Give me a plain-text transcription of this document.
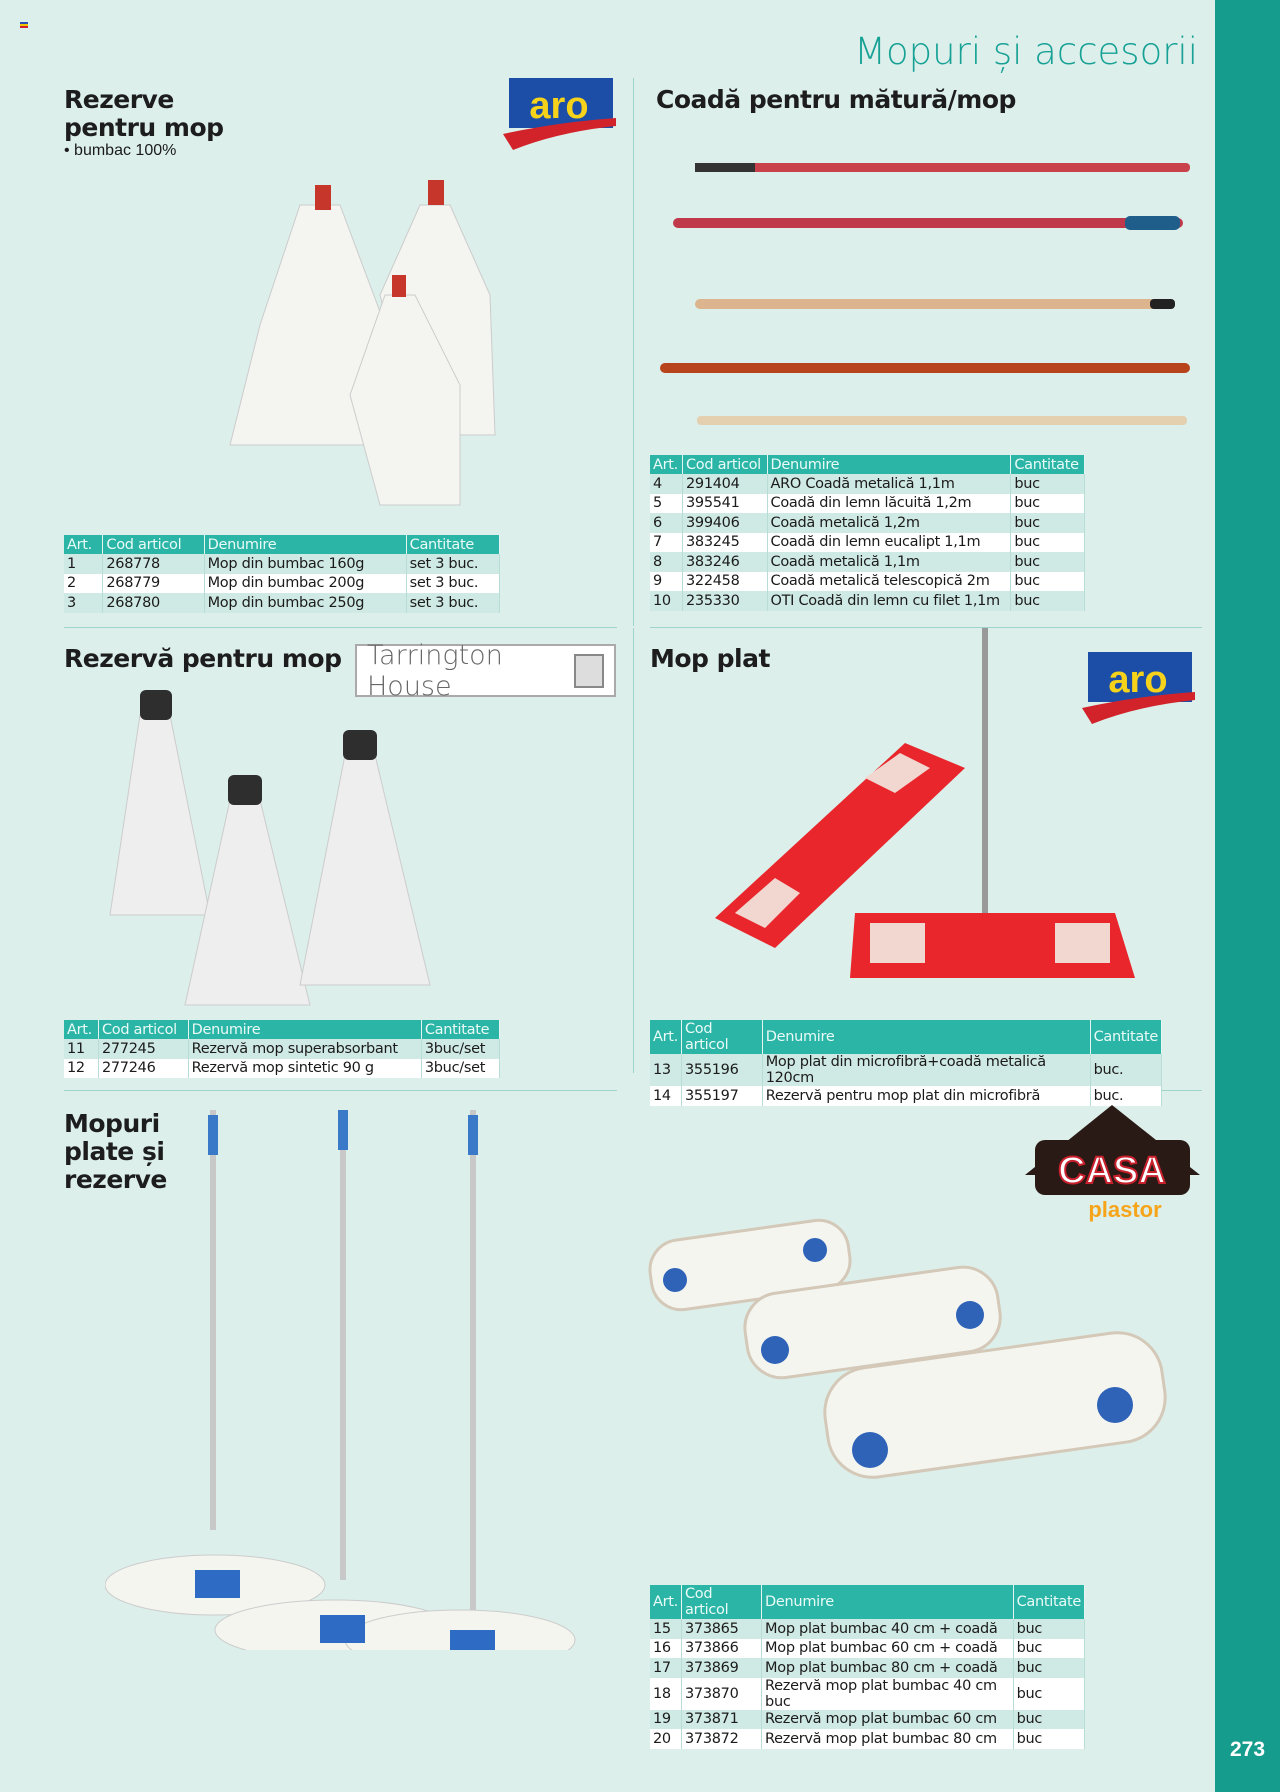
273
Mopuri și accesorii
Rezerve pentru mop
• bumbac 100%
aro
Art.	Cod articol	Denumire	Cantitate
1	268778	Mop din bumbac 160g	set 3 buc.
2	268779	Mop din bumbac 200g	set 3 buc.
3	268780	Mop din bumbac 250g	set 3 buc.
Coadă pentru mătură/mop
Art.	Cod articol	Denumire	Cantitate
4	291404	ARO Coadă metalică 1,1m	buc
5	395541	Coadă din lemn lăcuită 1,2m	buc
6	399406	Coadă metalică 1,2m	buc
7	383245	Coadă din lemn eucalipt 1,1m	buc
8	383246	Coadă metalică 1,1m	buc
9	322458	Coadă metalică telescopică 2m	buc
10	235330	OTI Coadă din lemn cu filet 1,1m	buc
Rezervă pentru mop Tarrington House
Art.	Cod articol	Denumire	Cantitate
11	277245	Rezervă mop superabsorbant	3buc/set
12	277246	Rezervă mop sintetic 90 g	3buc/set
Mop plat
aro
Art.	Cod articol	Denumire	Cantitate
13	355196	Mop plat din microfibră+coadă metalică 120cm	buc.
14	355197	Rezervă pentru mop plat din microfibră	buc.
Mopuri plate și rezerve	CASA
plastor
Art.	Cod articol	Denumire	Cantitate
15	373865	Mop plat bumbac 40 cm + coadă	buc
16	373866	Mop plat bumbac 60 cm + coadă	buc
17	373869	Mop plat bumbac 80 cm + coadă	buc
18	373870	Rezervă mop plat bumbac 40 cm buc	buc
19	373871	Rezervă mop plat bumbac 60 cm	buc
20	373872	Rezervă mop plat bumbac 80 cm	buc
